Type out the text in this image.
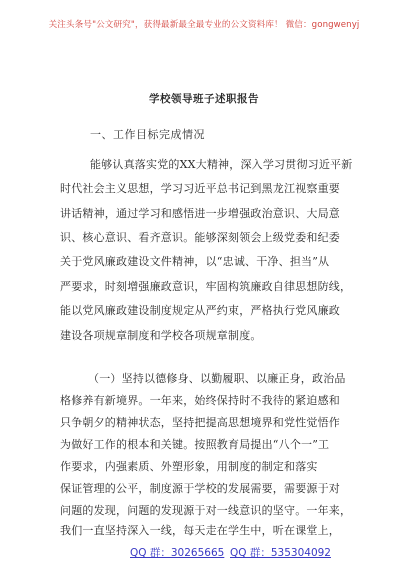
关注头条号"公文研究"，获得最新最全最专业的公文资料库！ 微信：gongwenyj
学校领导班子述职报告
一、工作目标完成情况
能够认真落实党的XX大精神，深入学习贯彻习近平新
时代社会主义思想，学习习近平总书记到黑龙江视察重要
讲话精神，通过学习和感悟进一步增强政治意识、大局意
识、核心意识、看齐意识。能够深刻领会上级党委和纪委
关于党风廉政建设文件精神，以“忠诚、干净、担当”从
严要求，时刻增强廉政意识，牢固构筑廉政自律思想防线，
能以党风廉政建设制度规定从严约束，严格执行党风廉政
建设各项规章制度和学校各项规章制度。
（一）坚持以德修身、以勤履职、以廉正身，政治品
格修养有新境界。一年来，始终保持时不我待的紧迫感和
只争朝夕的精神状态，坚持把提高思想境界和党性觉悟作
为做好工作的根本和关键。按照教育局提出“八个一”工
作要求，内强素质、外塑形象，用制度的制定和落实
保证管理的公平，制度源于学校的发展需要，需要源于对
问题的发现，问题的发现源于对一线意识的坚守。一年来，
我们一直坚持深入一线，每天走在学生中，听在课堂上，
QQ 群：30265665 QQ 群：535304092
